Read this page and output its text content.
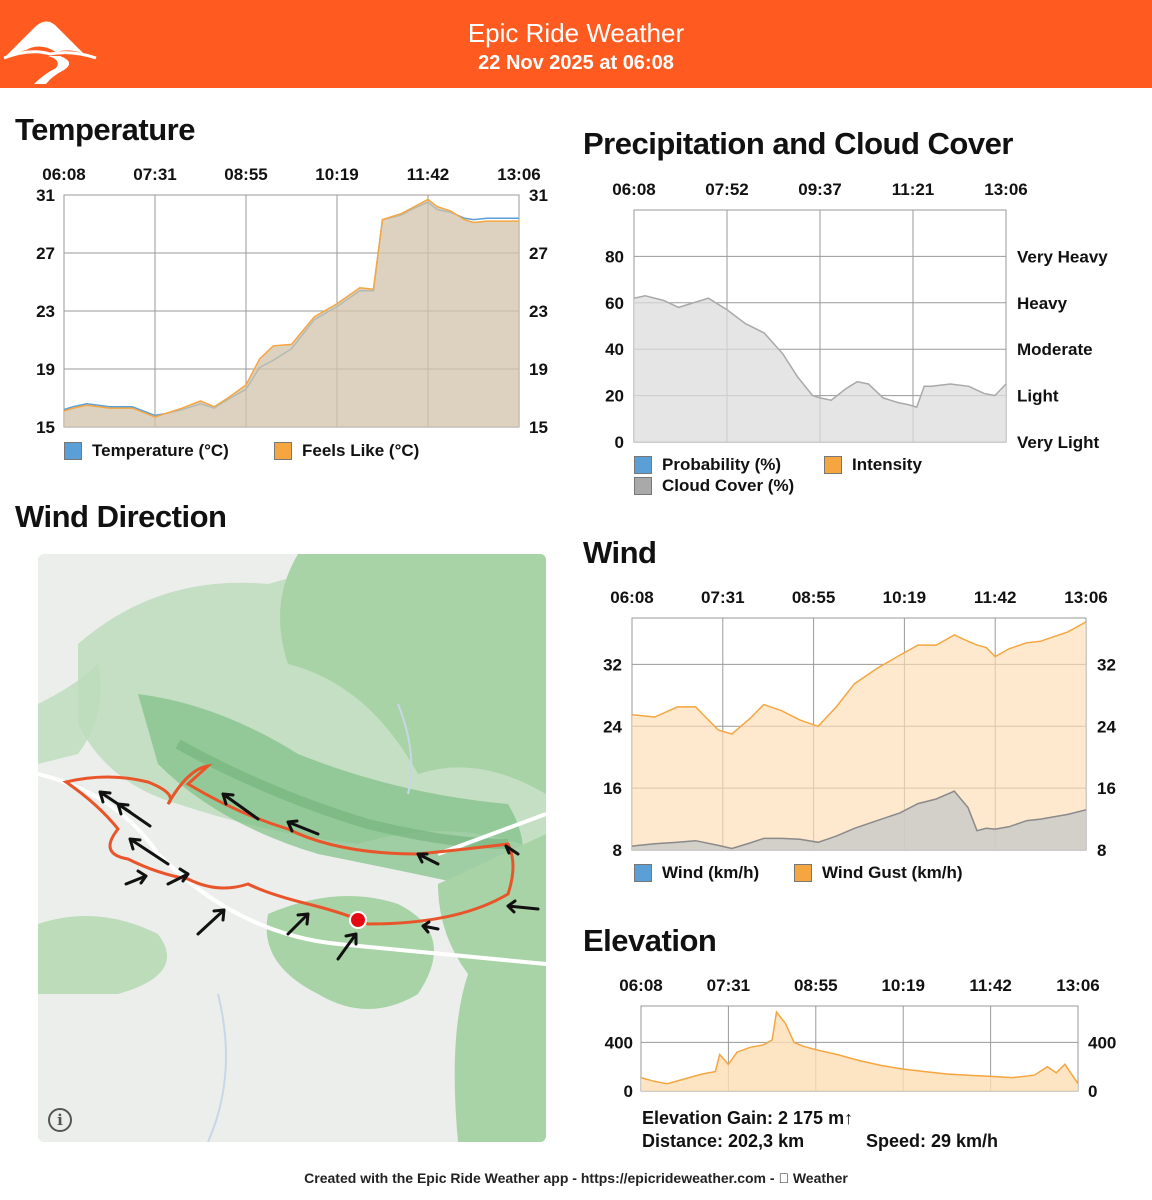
Epic Ride Weather
22 Nov 2025 at 06:08
Temperature	Precipitation and Cloud Cover
Wind Direction
Wind
Elevation
06:08	07:31	08:55	10:19	11:42	13:06
31	31
27	27
23	23
19	19
15	15
06:08	07:52	09:37	11:21	13:06
80
60
40
20
0
Very Heavy
Heavy
Moderate
Light
Very Light
06:08	07:31	08:55	10:19	11:42	13:06
32	32
24	24
16	16
8	8
06:08	07:31	08:55	10:19	11:42	13:06
400	400
0	0
Temperature (°C)	Feels Like (°C)
Probability (%)	Intensity
Cloud Cover (%)
Wind (km/h)	Wind Gust (km/h)
i	Elevation Gain: 2 175 m↑
Distance: 202,3 km	Speed: 29 km/h
Created with the Epic Ride Weather app - https://epicrideweather.com - Weather
